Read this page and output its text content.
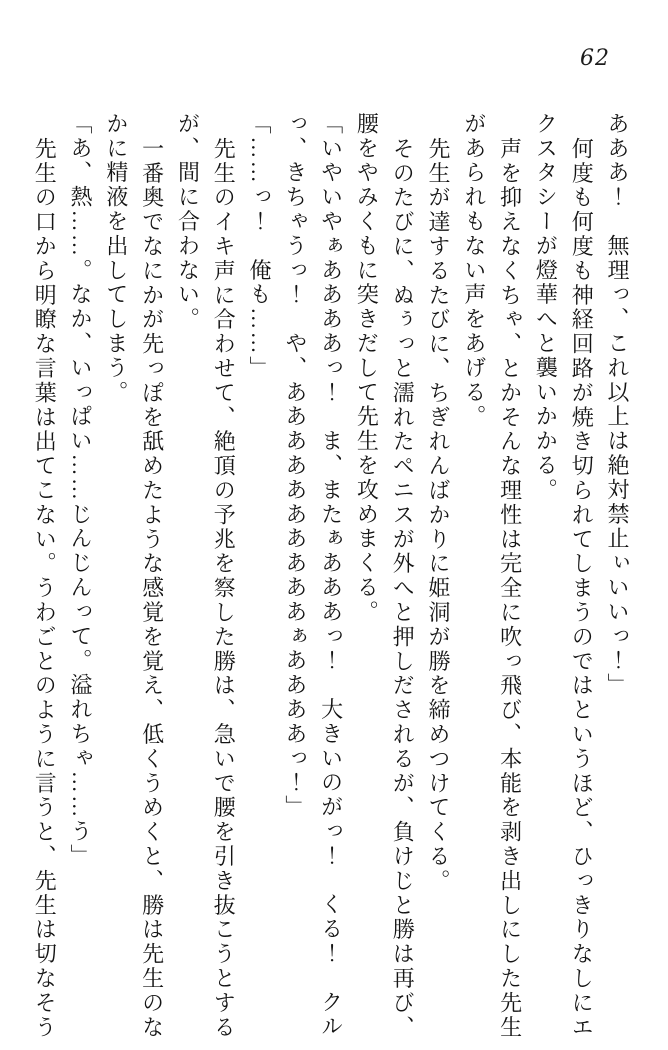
62

あああ！　無理っ、これ以上は絶対禁止ぃいいっ！」

何度も何度も神経回路が焼き切られてしまうのではというほど、ひっきりなしにエクスタシーが燈華へと襲いかかる。

声を抑えなくちゃ、とかそんな理性は完全に吹っ飛び、本能を剥き出しにした先生があられもない声をあげる。

先生が達するたびに、ちぎれんばかりに姫洞が勝を締めつけてくる。

そのたびに、ぬぅっと濡れたペニスが外へと押しだされるが、負けじと勝は再び、腰をやみくもに突きだして先生を攻めまくる。

「いやいやぁああああっ！　ま、またぁあああっ！　大きいのがっ！　くる！　クルっ、きちゃうっ！　や、ああああああああああぁああああっ！」

「……っ！　俺も……」

先生のイキ声に合わせて、絶頂の予兆を察した勝は、急いで腰を引き抜こうとするが、間に合わない。

一番奥でなにかが先っぽを舐めたような感覚を覚え、低くうめくと、勝は先生のなかに精液を出してしまう。

「あ、熱……。なか、いっぱい……じんじんって。溢れちゃ……う」

先生の口から明瞭な言葉は出てこない。うわごとのように言うと、先生は切なそう
